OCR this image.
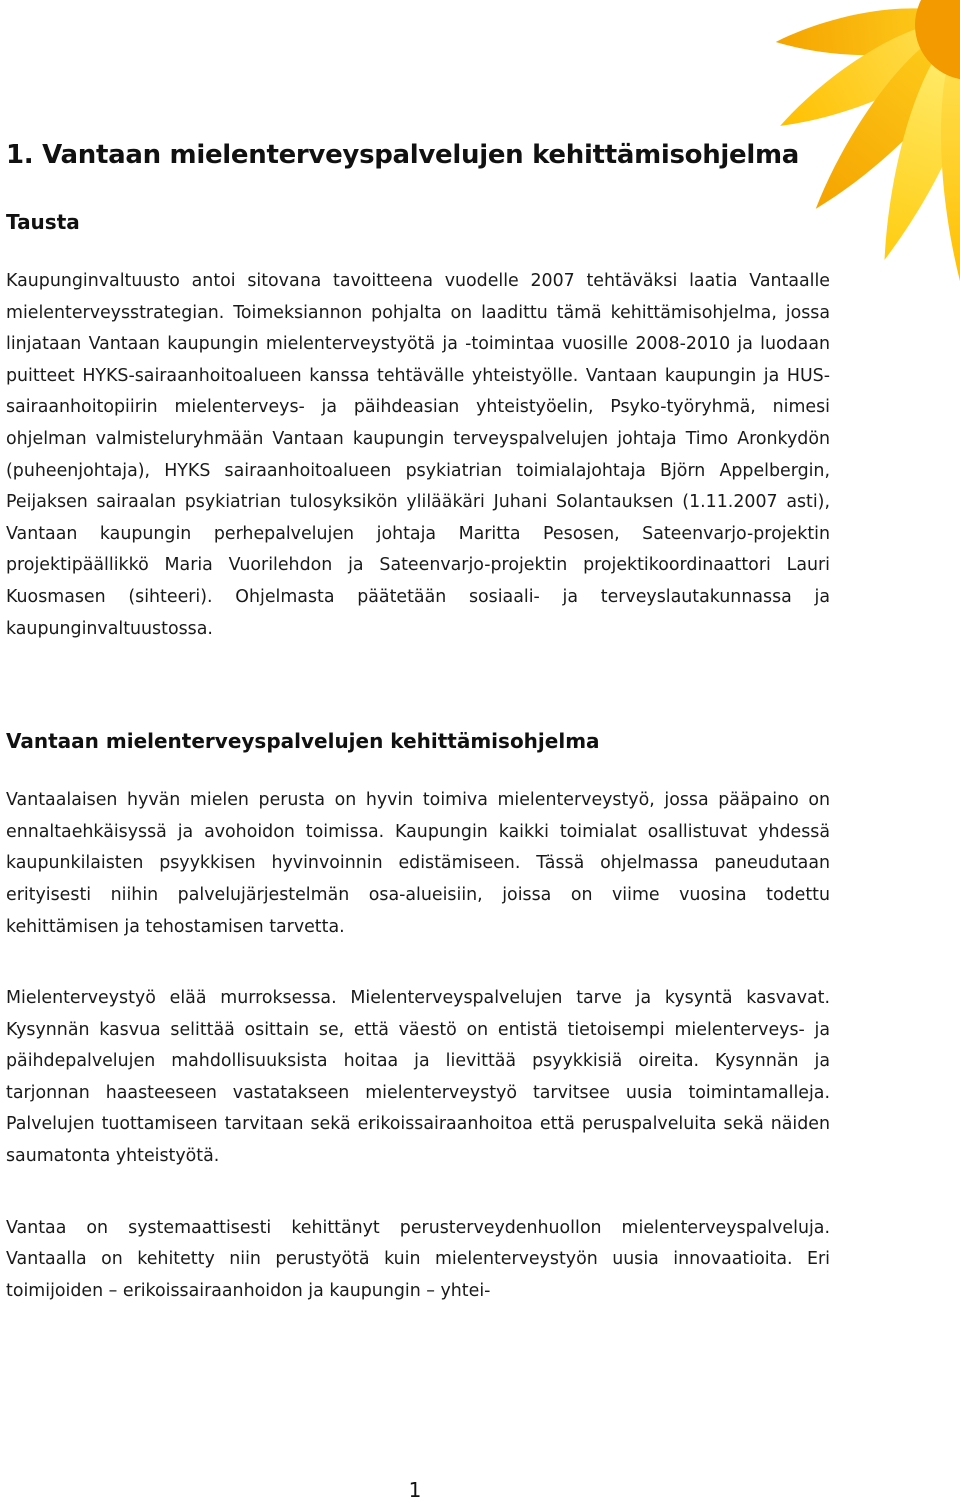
1. Vantaan mielenterveyspalvelujen kehittämisohjelma
Tausta

Kaupunginvaltuusto antoi sitovana tavoitteena vuodelle 2007 tehtäväksi laatia Vantaalle mielenterveysstrategian. Toimeksiannon pohjalta on laadittu tämä kehittämisohjelma, jossa linjataan Vantaan kaupungin mielenterveystyötä ja -toimintaa vuosille 2008-2010 ja luodaan puitteet HYKS-sairaanhoitoalueen kanssa tehtävälle yhteistyölle. Vantaan kaupungin ja HUS-sairaanhoitopiirin mielenterveys- ja päihdeasian yhteistyöelin, Psyko-työryhmä, nimesi ohjelman valmisteluryhmään Vantaan kaupungin terveyspalvelujen johtaja Timo Aronkydön (puheenjohtaja), HYKS sairaanhoitoalueen psykiatrian toimialajohtaja Björn Appelbergin, Peijaksen sairaalan psykiatrian tulosyksikön ylilääkäri Juhani Solantauksen (1.11.2007 asti), Vantaan kaupungin perhepalvelujen johtaja Maritta Pesosen, Sateenvarjo-projektin projektipäällikkö Maria Vuorilehdon ja Sateenvarjo-projektin projektikoordinaattori Lauri Kuosmasen (sihteeri). Ohjelmasta päätetään sosiaali- ja terveyslautakunnassa ja kaupunginvaltuustossa.

Vantaan mielenterveyspalvelujen kehittämisohjelma

Vantaalaisen hyvän mielen perusta on hyvin toimiva mielenterveystyö, jossa pääpaino on ennaltaehkäisyssä ja avohoidon toimissa. Kaupungin kaikki toimialat osallistuvat yhdessä kaupunkilaisten psyykkisen hyvinvoinnin edistämiseen. Tässä ohjelmassa paneudutaan erityisesti niihin palvelujärjestelmän osa-alueisiin, joissa on viime vuosina todettu kehittämisen ja tehostamisen tarvetta.

Mielenterveystyö elää murroksessa. Mielenterveyspalvelujen tarve ja kysyntä kasvavat. Kysynnän kasvua selittää osittain se, että väestö on entistä tietoisempi mielenterveys- ja päihdepalvelujen mahdollisuuksista hoitaa ja lievittää psyykkisiä oireita. Kysynnän ja tarjonnan haasteeseen vastatakseen mielenterveystyö tarvitsee uusia toimintamalleja. Palvelujen tuottamiseen tarvitaan sekä erikoissairaanhoitoa että peruspalveluita sekä näiden saumatonta yhteistyötä.

Vantaa on systemaattisesti kehittänyt perusterveydenhuollon mielenterveyspalveluja. Vantaalla on kehitetty niin perustyötä kuin mielenterveystyön uusia innovaatioita. Eri toimijoiden – erikoissairaanhoidon ja kaupungin – yhtei-

1
